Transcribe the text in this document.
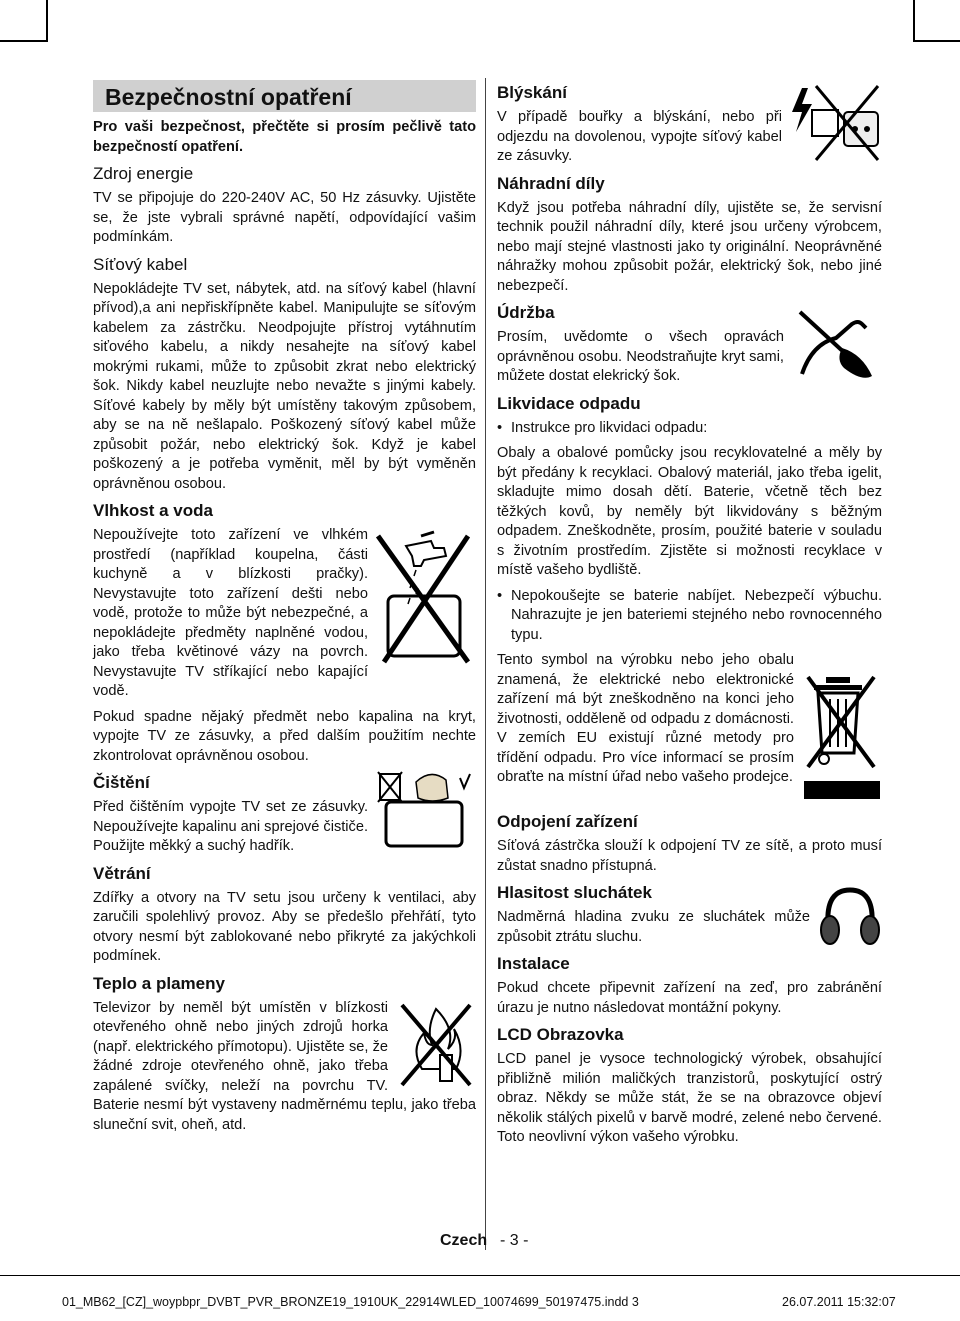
Bezpečnostní opatření

Pro vaši bezpečnost, přečtěte si prosím pečlivě tato bezpečností opatření.

Zdroj energie

TV se připojuje do 220-240V AC, 50 Hz zásuvky. Ujistěte se, že jste vybrali správné napětí, odpovídající vašim podmínkám.

Síťový kabel

Nepokládejte TV set, nábytek, atd. na síťový kabel (hlavní přívod),a ani nepřiskřípněte kabel. Manipulujte se síťovým kabelem za zástrčku. Neodpojujte přístroj vytáhnutím siťového kabelu, a nikdy nesahejte na síťový kabel mokrými rukami, může to způsobit zkrat nebo elektrický šok. Nikdy kabel neuzlujte nebo nevažte s jinými kabely. Síťové kabely by měly být umístěny takovým způsobem, aby se na ně nešlapalo. Poškozený síťový kabel může způsobit požár, nebo elektrický šok. Když je kabel poškozený a je potřeba vyměnit, měl by být vyměněn oprávněnou osobou.

Vlhkost a voda

Nepoužívejte toto zařízení ve vlhkém prostředí (například koupelna, části kuchyně a v blízkosti pračky). Nevystavujte toto zařízení dešti nebo vodě, protože to může být nebezpečné, a nepokládejte předměty naplněné vodou, jako třeba květinové vázy na povrch. Nevystavujte TV stříkající nebo kapající vodě.

Pokud spadne nějaký předmět nebo kapalina na kryt, vypojte TV ze zásuvky, a před dalším použitím nechte zkontrolovat oprávněnou osobou.

Čištění

Před čištěním vypojte TV set ze zásuvky. Nepoužívejte kapalinu ani sprejové čističe. Použijte měkký a suchý hadřík.

Větrání

Zdířky a otvory na TV setu jsou určeny k ventilaci, aby zaručili spolehlivý provoz. Aby se předešlo přehřátí, tyto otvory nesmí být zablokované nebo přikryté za jakýchkoli podmínek.

Teplo a plameny

Televizor by neměl být umístěn v blízkosti otevřeného ohně nebo jiných zdrojů horka (např. elektrického přímotopu). Ujistěte se, že žádné zdroje otevřeného ohně, jako třeba zapálené svíčky, neleží na povrchu TV. Baterie nesmí být vystaveny nadměrnému teplu, jako třeba sluneční svit, oheň, atd.

Blýskání

V případě bouřky a blýskání, nebo při odjezdu na dovolenou, vypojte síťový kabel ze zásuvky.

Náhradní díly

Když jsou potřeba náhradní díly, ujistěte se, že servisní technik použil náhradní díly, které jsou určeny výrobcem, nebo mají stejné vlastnosti jako ty originální. Neoprávněné náhražky mohou způsobit požár, elektrický šok, nebo jiné nebezpečí.

Údržba

Prosím, uvědomte o všech opravách oprávněnou osobu. Neodstraňujte kryt sami, můžete dostat elekrický šok.

Likvidace odpadu

• Instrukce pro likvidaci odpadu:

Obaly a obalové pomůcky jsou recyklovatelné a měly by být předány k recyklaci. Obalový materiál, jako třeba igelit, skladujte mimo dosah dětí. Baterie, včetně těch bez těžkých kovů, by neměly být likvidovány s běžným odpadem. Zneškodněte, prosím, použité baterie v souladu s životním prostředím. Zjistěte si možnosti recyklace v místě vašeho bydliště.

• Nepokoušejte se baterie nabíjet. Nebezpečí výbuchu. Nahrazujte je jen bateriemi stejného nebo rovnocenného typu.

Tento symbol na výrobku nebo jeho obalu znamená, že elektrické nebo elektronické zařízení má být zneškodněno na konci jeho životnosti, odděleně od odpadu z domácnosti. V zemích EU existují různé metody pro třídění odpadu. Pro více informací se prosím obraťte na místní úřad nebo vašeho prodejce.

Odpojení zařízení

Síťová zástrčka slouží k odpojení TV ze sítě, a proto musí zůstat snadno přístupná.

Hlasitost sluchátek

Nadměrná hladina zvuku ze sluchátek může způsobit ztrátu sluchu.

Instalace

Pokud chcete připevnit zařízení na zeď, pro zabránění úrazu je nutno následovat montážní pokyny.

LCD Obrazovka

LCD panel je vysoce technologický výrobek, obsahující přibližně milión maličkých tranzistorů, poskytující ostrý obraz. Někdy se může stát, že se na obrazovce objeví několik stálých pixelů v barvě modré, zelené nebo červené. Toto neovlivní výkon vašeho výrobku.

Czech - 3 -
01_MB62_[CZ]_woypbpr_DVBT_PVR_BRONZE19_1910UK_22914WLED_10074699_50197475.indd 3	26.07.2011 15:32:07
